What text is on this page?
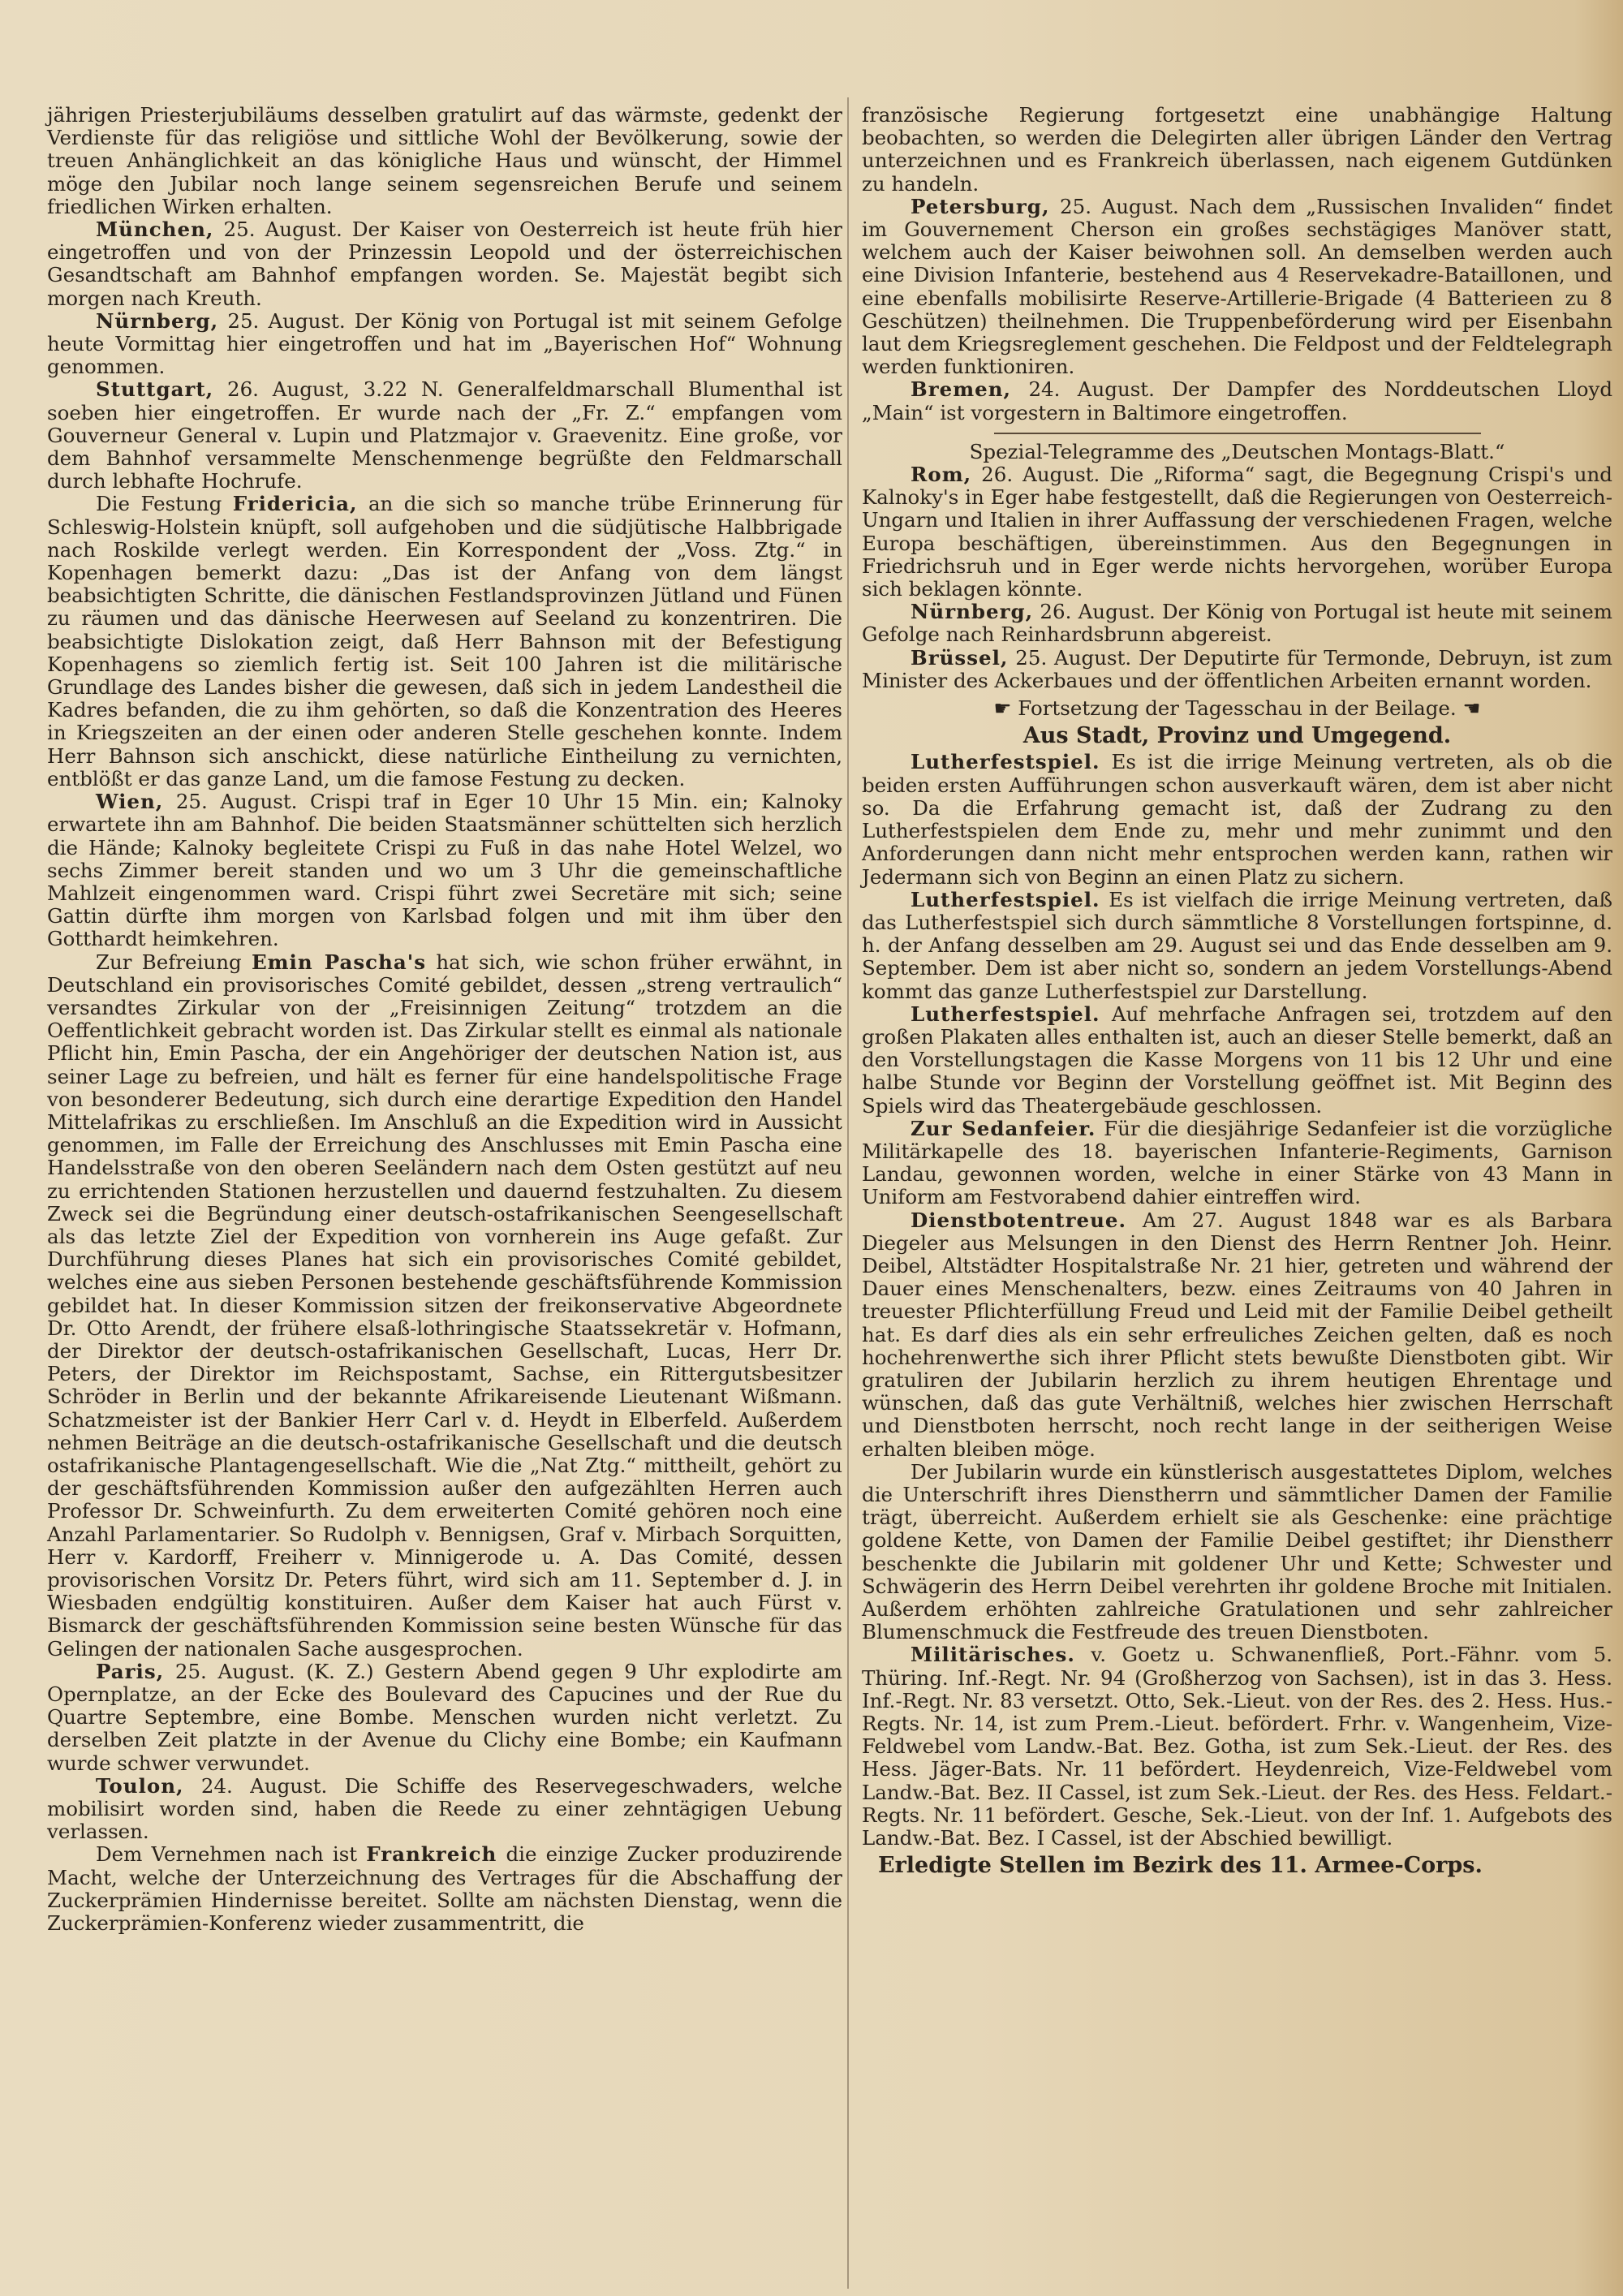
jährigen Priesterjubiläums desselben gratulirt auf das wärmste, gedenkt der Verdienste für das religiöse und sittliche Wohl der Bevölkerung, sowie der treuen Anhänglichkeit an das königliche Haus und wünscht, der Himmel möge den Jubilar noch lange seinem segensreichen Berufe und seinem friedlichen Wirken erhalten.

München, 25. August. Der Kaiser von Oesterreich ist heute früh hier eingetroffen und von der Prinzessin Leopold und der österreichischen Gesandtschaft am Bahnhof empfangen worden. Se. Majestät begibt sich morgen nach Kreuth.

Nürnberg, 25. August. Der König von Portugal ist mit seinem Gefolge heute Vormittag hier eingetroffen und hat im „Bayerischen Hof“ Wohnung genommen.

Stuttgart, 26. August, 3.22 N. Generalfeldmarschall Blumenthal ist soeben hier eingetroffen. Er wurde nach der „Fr. Z.“ empfangen vom Gouverneur General v. Lupin und Platzmajor v. Graevenitz. Eine große, vor dem Bahnhof versammelte Menschenmenge begrüßte den Feldmarschall durch lebhafte Hochrufe.

Die Festung Fridericia, an die sich so manche trübe Erinnerung für Schleswig-Holstein knüpft, soll aufgehoben und die südjütische Halbbrigade nach Roskilde verlegt werden. Ein Korrespondent der „Voss. Ztg.“ in Kopenhagen bemerkt dazu: „Das ist der Anfang von dem längst beabsichtigten Schritte, die dänischen Festlandsprovinzen Jütland und Fünen zu räumen und das dänische Heerwesen auf Seeland zu konzentriren. Die beabsichtigte Dislokation zeigt, daß Herr Bahnson mit der Befestigung Kopenhagens so ziemlich fertig ist. Seit 100 Jahren ist die militärische Grundlage des Landes bisher die gewesen, daß sich in jedem Landestheil die Kadres befanden, die zu ihm gehörten, so daß die Konzentration des Heeres in Kriegszeiten an der einen oder anderen Stelle geschehen konnte. Indem Herr Bahnson sich anschickt, diese natürliche Eintheilung zu vernichten, entblößt er das ganze Land, um die famose Festung zu decken.

Wien, 25. August. Crispi traf in Eger 10 Uhr 15 Min. ein; Kalnoky erwartete ihn am Bahnhof. Die beiden Staatsmänner schüttelten sich herzlich die Hände; Kalnoky begleitete Crispi zu Fuß in das nahe Hotel Welzel, wo sechs Zimmer bereit standen und wo um 3 Uhr die gemeinschaftliche Mahlzeit eingenommen ward. Crispi führt zwei Secretäre mit sich; seine Gattin dürfte ihm morgen von Karlsbad folgen und mit ihm über den Gotthardt heimkehren.

Zur Befreiung Emin Pascha's hat sich, wie schon früher erwähnt, in Deutschland ein provisorisches Comité gebildet, dessen „streng vertraulich“ versandtes Zirkular von der „Freisinnigen Zeitung“ trotzdem an die Oeffentlichkeit gebracht worden ist. Das Zirkular stellt es einmal als nationale Pflicht hin, Emin Pascha, der ein Angehöriger der deutschen Nation ist, aus seiner Lage zu befreien, und hält es ferner für eine handelspolitische Frage von besonderer Bedeutung, sich durch eine derartige Expedition den Handel Mittelafrikas zu erschließen. Im Anschluß an die Expedition wird in Aussicht genommen, im Falle der Erreichung des Anschlusses mit Emin Pascha eine Handelsstraße von den oberen Seeländern nach dem Osten gestützt auf neu zu errichtenden Stationen herzustellen und dauernd festzuhalten. Zu diesem Zweck sei die Begründung einer deutsch-ostafrikanischen Seengesellschaft als das letzte Ziel der Expedition von vornherein ins Auge gefaßt. Zur Durchführung dieses Planes hat sich ein provisorisches Comité gebildet, welches eine aus sieben Personen bestehende geschäftsführende Kommission gebildet hat. In dieser Kommission sitzen der freikonservative Abgeordnete Dr. Otto Arendt, der frühere elsaß-lothringische Staatssekretär v. Hofmann, der Direktor der deutsch-ostafrikanischen Gesellschaft, Lucas, Herr Dr. Peters, der Direktor im Reichspostamt, Sachse, ein Rittergutsbesitzer Schröder in Berlin und der bekannte Afrikareisende Lieutenant Wißmann. Schatzmeister ist der Bankier Herr Carl v. d. Heydt in Elberfeld. Außerdem nehmen Beiträge an die deutsch-ostafrikanische Gesellschaft und die deutsch ostafrikanische Plantagengesellschaft. Wie die „Nat Ztg.“ mittheilt, gehört zu der geschäftsführenden Kommission außer den aufgezählten Herren auch Professor Dr. Schweinfurth. Zu dem erweiterten Comité gehören noch eine Anzahl Parlamentarier. So Rudolph v. Bennigsen, Graf v. Mirbach Sorquitten, Herr v. Kardorff, Freiherr v. Minnigerode u. A. Das Comité, dessen provisorischen Vorsitz Dr. Peters führt, wird sich am 11. September d. J. in Wiesbaden endgültig konstituiren. Außer dem Kaiser hat auch Fürst v. Bismarck der geschäftsführenden Kommission seine besten Wünsche für das Gelingen der nationalen Sache ausgesprochen.

Paris, 25. August. (K. Z.) Gestern Abend gegen 9 Uhr explodirte am Opernplatze, an der Ecke des Boulevard des Capucines und der Rue du Quartre Septembre, eine Bombe. Menschen wurden nicht verletzt. Zu derselben Zeit platzte in der Avenue du Clichy eine Bombe; ein Kaufmann wurde schwer verwundet.

Toulon, 24. August. Die Schiffe des Reservegeschwaders, welche mobilisirt worden sind, haben die Reede zu einer zehntägigen Uebung verlassen.

Dem Vernehmen nach ist Frankreich die einzige Zucker produzirende Macht, welche der Unterzeichnung des Vertrages für die Abschaffung der Zuckerprämien Hindernisse bereitet. Sollte am nächsten Dienstag, wenn die Zuckerprämien-Konferenz wieder zusammentritt, die

französische Regierung fortgesetzt eine unabhängige Haltung beobachten, so werden die Delegirten aller übrigen Länder den Vertrag unterzeichnen und es Frankreich überlassen, nach eigenem Gutdünken zu handeln.

Petersburg, 25. August. Nach dem „Russischen Invaliden“ findet im Gouvernement Cherson ein großes sechstägiges Manöver statt, welchem auch der Kaiser beiwohnen soll. An demselben werden auch eine Division Infanterie, bestehend aus 4 Reservekadre-Bataillonen, und eine ebenfalls mobilisirte Reserve-Artillerie-Brigade (4 Batterieen zu 8 Geschützen) theilnehmen. Die Truppenbeförderung wird per Eisenbahn laut dem Kriegsreglement geschehen. Die Feldpost und der Feldtelegraph werden funktioniren.

Bremen, 24. August. Der Dampfer des Norddeutschen Lloyd „Main“ ist vorgestern in Baltimore eingetroffen.

Spezial-Telegramme des „Deutschen Montags-Blatt.“

Rom, 26. August. Die „Riforma“ sagt, die Begegnung Crispi's und Kalnoky's in Eger habe festgestellt, daß die Regierungen von Oesterreich-Ungarn und Italien in ihrer Auffassung der verschiedenen Fragen, welche Europa beschäftigen, übereinstimmen. Aus den Begegnungen in Friedrichsruh und in Eger werde nichts hervorgehen, worüber Europa sich beklagen könnte.

Nürnberg, 26. August. Der König von Portugal ist heute mit seinem Gefolge nach Reinhardsbrunn abgereist.

Brüssel, 25. August. Der Deputirte für Termonde, Debruyn, ist zum Minister des Ackerbaues und der öffentlichen Arbeiten ernannt worden.

☛ Fortsetzung der Tagesschau in der Beilage. ☚

Aus Stadt, Provinz und Umgegend.

Lutherfestspiel. Es ist die irrige Meinung vertreten, als ob die beiden ersten Aufführungen schon ausverkauft wären, dem ist aber nicht so. Da die Erfahrung gemacht ist, daß der Zudrang zu den Lutherfestspielen dem Ende zu, mehr und mehr zunimmt und den Anforderungen dann nicht mehr entsprochen werden kann, rathen wir Jedermann sich von Beginn an einen Platz zu sichern.

Lutherfestspiel. Es ist vielfach die irrige Meinung vertreten, daß das Lutherfestspiel sich durch sämmtliche 8 Vorstellungen fortspinne, d. h. der Anfang desselben am 29. August sei und das Ende desselben am 9. September. Dem ist aber nicht so, sondern an jedem Vorstellungs-Abend kommt das ganze Lutherfestspiel zur Darstellung.

Lutherfestspiel. Auf mehrfache Anfragen sei, trotzdem auf den großen Plakaten alles enthalten ist, auch an dieser Stelle bemerkt, daß an den Vorstellungstagen die Kasse Morgens von 11 bis 12 Uhr und eine halbe Stunde vor Beginn der Vorstellung geöffnet ist. Mit Beginn des Spiels wird das Theatergebäude geschlossen.

Zur Sedanfeier. Für die diesjährige Sedanfeier ist die vorzügliche Militärkapelle des 18. bayerischen Infanterie-Regiments, Garnison Landau, gewonnen worden, welche in einer Stärke von 43 Mann in Uniform am Festvorabend dahier eintreffen wird.

Dienstbotentreue. Am 27. August 1848 war es als Barbara Diegeler aus Melsungen in den Dienst des Herrn Rentner Joh. Heinr. Deibel, Altstädter Hospitalstraße Nr. 21 hier, getreten und während der Dauer eines Menschenalters, bezw. eines Zeitraums von 40 Jahren in treuester Pflichterfüllung Freud und Leid mit der Familie Deibel getheilt hat. Es darf dies als ein sehr erfreuliches Zeichen gelten, daß es noch hochehrenwerthe sich ihrer Pflicht stets bewußte Dienstboten gibt. Wir gratuliren der Jubilarin herzlich zu ihrem heutigen Ehrentage und wünschen, daß das gute Verhältniß, welches hier zwischen Herrschaft und Dienstboten herrscht, noch recht lange in der seitherigen Weise erhalten bleiben möge.

Der Jubilarin wurde ein künstlerisch ausgestattetes Diplom, welches die Unterschrift ihres Dienstherrn und sämmtlicher Damen der Familie trägt, überreicht. Außerdem erhielt sie als Geschenke: eine prächtige goldene Kette, von Damen der Familie Deibel gestiftet; ihr Dienstherr beschenkte die Jubilarin mit goldener Uhr und Kette; Schwester und Schwägerin des Herrn Deibel verehrten ihr goldene Broche mit Initialen. Außerdem erhöhten zahlreiche Gratulationen und sehr zahlreicher Blumenschmuck die Festfreude des treuen Dienstboten.

Militärisches. v. Goetz u. Schwanenfließ, Port.-Fähnr. vom 5. Thüring. Inf.-Regt. Nr. 94 (Großherzog von Sachsen), ist in das 3. Hess. Inf.-Regt. Nr. 83 versetzt. Otto, Sek.-Lieut. von der Res. des 2. Hess. Hus.-Regts. Nr. 14, ist zum Prem.-Lieut. befördert. Frhr. v. Wangenheim, Vize-Feldwebel vom Landw.-Bat. Bez. Gotha, ist zum Sek.-Lieut. der Res. des Hess. Jäger-Bats. Nr. 11 befördert. Heydenreich, Vize-Feldwebel vom Landw.-Bat. Bez. II Cassel, ist zum Sek.-Lieut. der Res. des Hess. Feldart.-Regts. Nr. 11 befördert. Gesche, Sek.-Lieut. von der Inf. 1. Aufgebots des Landw.-Bat. Bez. I Cassel, ist der Abschied bewilligt.

Erledigte Stellen im Bezirk des 11. Armee-Corps.
